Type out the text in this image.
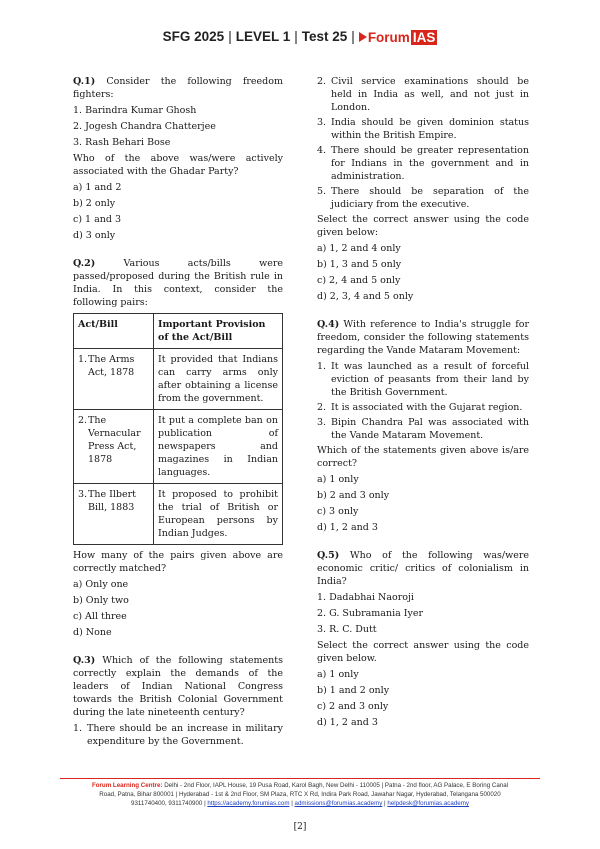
SFG 2025 | LEVEL 1 | Test 25 | Forum IAS

Q.1) Consider the following freedom fighters:

1. Barindra Kumar Ghosh
2. Jogesh Chandra Chatterjee
3. Rash Behari Bose

Who of the above was/were actively associated with the Ghadar Party?

a) 1 and 2
b) 2 only
c) 1 and 3
d) 3 only

Q.2)	Various acts/bills were passed/proposed during the British rule in India. In this context, consider the following pairs:

Act/Bill	Important Provision of the Act/Bill

1. The Arms Act, 1878	It provided that Indians can carry arms only after obtaining a license from the government.

2. The Vernacular Press Act, 1878	It put a complete ban on publication of newspapers and magazines in Indian languages.

3. The Ilbert Bill, 1883	It proposed to prohibit the trial of British or European persons by Indian Judges.

How many of the pairs given above are correctly matched?

a) Only one
b) Only two
c) All three
d) None

Q.3) Which of the following statements correctly explain the demands of the leaders of Indian National Congress towards the British Colonial Government during the late nineteenth century?

1. There should be an increase in military expenditure by the Government.
2. Civil service examinations should be held in India as well, and not just in London.
3. India should be given dominion status within the British Empire.
4. There should be greater representation for Indians in the government and in administration.
5. There should be separation of the judiciary from the executive.

Select the correct answer using the code given below:

a) 1, 2 and 4 only
b) 1, 3 and 5 only
c) 2, 4 and 5 only
d) 2, 3, 4 and 5 only

Q.4) With reference to India's struggle for freedom, consider the following statements regarding the Vande Mataram Movement:

1. It was launched as a result of forceful eviction of peasants from their land by the British Government.
2. It is associated with the Gujarat region.
3. Bipin Chandra Pal was associated with the Vande Mataram Movement.

Which of the statements given above is/are correct?

a) 1 only
b) 2 and 3 only
c) 3 only
d) 1, 2 and 3

Q.5) Who of the following was/were economic critic/ critics of colonialism in India?

1. Dadabhai Naoroji
2. G. Subramania Iyer
3. R. C. Dutt

Select the correct answer using the code given below.

a) 1 only
b) 1 and 2 only
c) 2 and 3 only
d) 1, 2 and 3
Forum Learning Centre: Delhi - 2nd Floor, IAPL House, 19 Pusa Road, Karol Bagh, New Delhi - 110005 | Patna - 2nd floor, AG Palace, E Boring Canal
Road, Patna, Bihar 800001 | Hyderabad - 1st & 2nd Floor, SM Plaza, RTC X Rd, Indira Park Road, Jawahar Nagar, Hyderabad, Telangana 500020
9311740400, 9311740900 | https://academy.forumias.com | admissions@forumias.academy | helpdesk@forumias.academy
[2]
